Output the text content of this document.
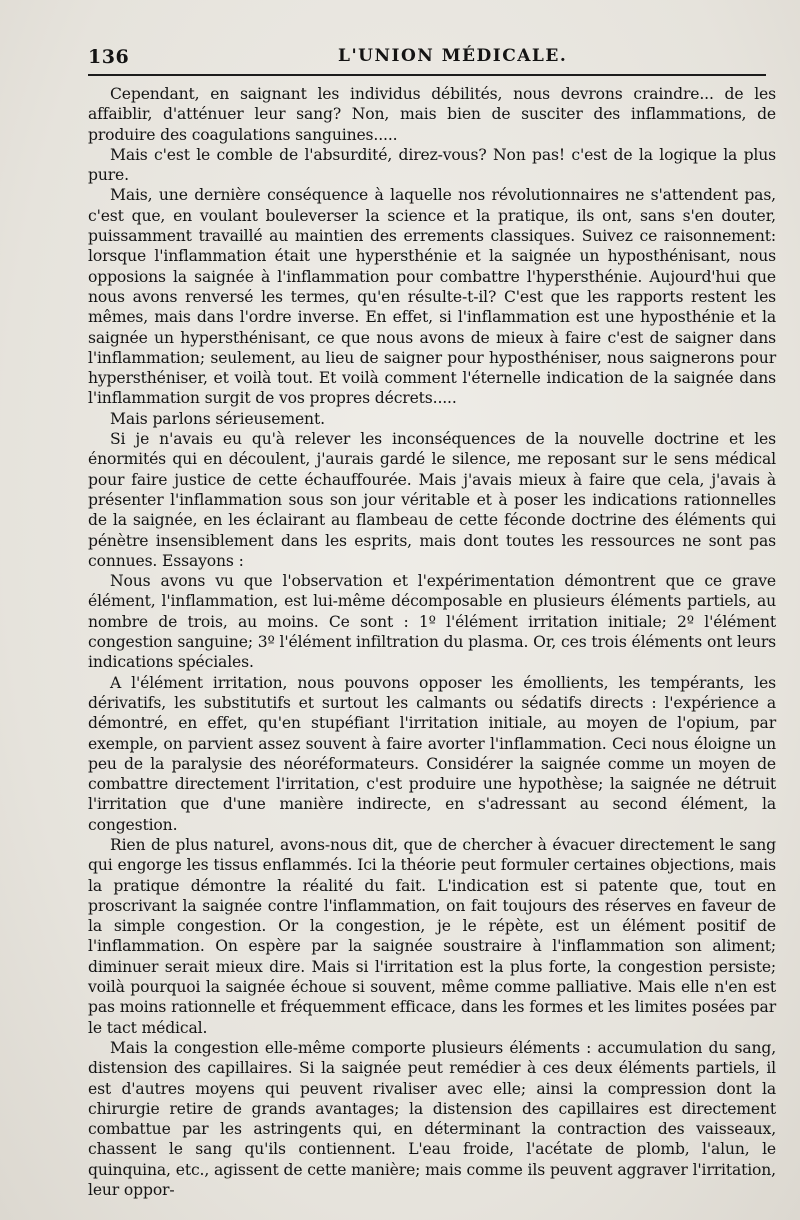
136	L'UNION MÉDICALE.

Cependant, en saignant les individus débilités, nous devrons craindre... de les affaiblir, d'atténuer leur sang? Non, mais bien de susciter des inflammations, de produire des coagulations sanguines.....

Mais c'est le comble de l'absurdité, direz-vous? Non pas! c'est de la logique la plus pure.

Mais, une dernière conséquence à laquelle nos révolutionnaires ne s'attendent pas, c'est que, en voulant bouleverser la science et la pratique, ils ont, sans s'en douter, puissamment travaillé au maintien des errements classiques. Suivez ce raisonnement: lorsque l'inflammation était une hypersthénie et la saignée un hyposthénisant, nous opposions la saignée à l'inflammation pour combattre l'hypersthénie. Aujourd'hui que nous avons renversé les termes, qu'en résulte-t-il? C'est que les rapports restent les mêmes, mais dans l'ordre inverse. En effet, si l'inflammation est une hyposthénie et la saignée un hypersthénisant, ce que nous avons de mieux à faire c'est de saigner dans l'inflammation; seulement, au lieu de saigner pour hyposthéniser, nous saignerons pour hypersthéniser, et voilà tout. Et voilà comment l'éternelle indication de la saignée dans l'inflammation surgit de vos propres décrets.....

Mais parlons sérieusement.

Si je n'avais eu qu'à relever les inconséquences de la nouvelle doctrine et les énormités qui en découlent, j'aurais gardé le silence, me reposant sur le sens médical pour faire justice de cette échauffourée. Mais j'avais mieux à faire que cela, j'avais à présenter l'inflammation sous son jour véritable et à poser les indications rationnelles de la saignée, en les éclairant au flambeau de cette féconde doctrine des éléments qui pénètre insensiblement dans les esprits, mais dont toutes les ressources ne sont pas connues. Essayons :

Nous avons vu que l'observation et l'expérimentation démontrent que ce grave élément, l'inflammation, est lui-même décomposable en plusieurs éléments partiels, au nombre de trois, au moins. Ce sont : 1º l'élément irritation initiale; 2º l'élément congestion sanguine; 3º l'élément infiltration du plasma. Or, ces trois éléments ont leurs indications spéciales.

A l'élément irritation, nous pouvons opposer les émollients, les tempérants, les dérivatifs, les substitutifs et surtout les calmants ou sédatifs directs : l'expérience a démontré, en effet, qu'en stupéfiant l'irritation initiale, au moyen de l'opium, par exemple, on parvient assez souvent à faire avorter l'inflammation. Ceci nous éloigne un peu de la paralysie des néoréformateurs. Considérer la saignée comme un moyen de combattre directement l'irritation, c'est produire une hypothèse; la saignée ne détruit l'irritation que d'une manière indirecte, en s'adressant au second élément, la congestion.

Rien de plus naturel, avons-nous dit, que de chercher à évacuer directement le sang qui engorge les tissus enflammés. Ici la théorie peut formuler certaines objections, mais la pratique démontre la réalité du fait. L'indication est si patente que, tout en proscrivant la saignée contre l'inflammation, on fait toujours des réserves en faveur de la simple congestion. Or la congestion, je le répète, est un élément positif de l'inflammation. On espère par la saignée soustraire à l'inflammation son aliment; diminuer serait mieux dire. Mais si l'irritation est la plus forte, la congestion persiste; voilà pourquoi la saignée échoue si souvent, même comme palliative. Mais elle n'en est pas moins rationnelle et fréquemment efficace, dans les formes et les limites posées par le tact médical.

Mais la congestion elle-même comporte plusieurs éléments : accumulation du sang, distension des capillaires. Si la saignée peut remédier à ces deux éléments partiels, il est d'autres moyens qui peuvent rivaliser avec elle; ainsi la compression dont la chirurgie retire de grands avantages; la distension des capillaires est directement combattue par les astringents qui, en déterminant la contraction des vaisseaux, chassent le sang qu'ils contiennent. L'eau froide, l'acétate de plomb, l'alun, le quinquina, etc., agissent de cette manière; mais comme ils peuvent aggraver l'irritation, leur oppor-
